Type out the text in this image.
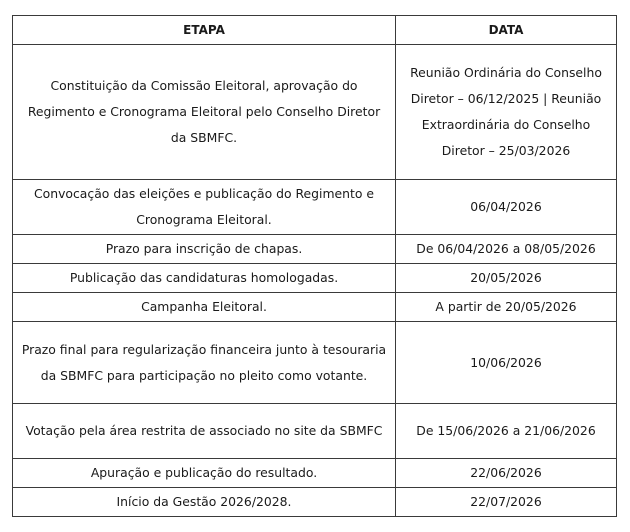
ETAPA	DATA
Constituição da Comissão Eleitoral, aprovação do Regimento e Cronograma Eleitoral pelo Conselho Diretor da SBMFC.	Reunião Ordinária do Conselho Diretor – 06/12/2025 | Reunião Extraordinária do Conselho Diretor – 25/03/2026
Convocação das eleições e publicação do Regimento e Cronograma Eleitoral.	06/04/2026
Prazo para inscrição de chapas.	De 06/04/2026 a 08/05/2026
Publicação das candidaturas homologadas.	20/05/2026
Campanha Eleitoral.	A partir de 20/05/2026
Prazo final para regularização financeira junto à tesouraria da SBMFC para participação no pleito como votante.	10/06/2026
Votação pela área restrita de associado no site da SBMFC	De 15/06/2026 a 21/06/2026
Apuração e publicação do resultado.	22/06/2026
Início da Gestão 2026/2028.	22/07/2026
